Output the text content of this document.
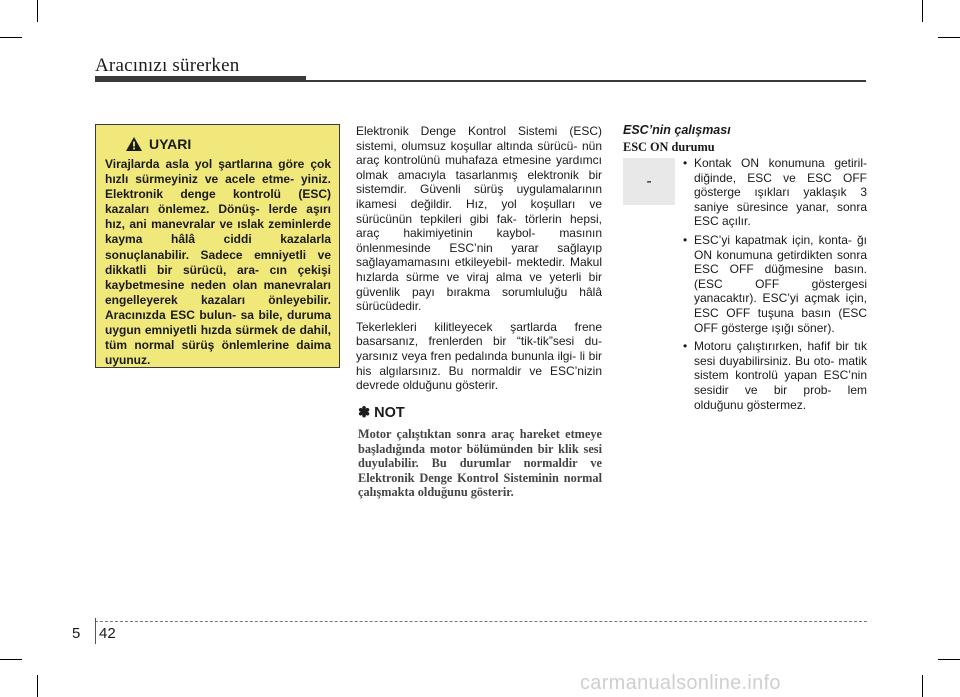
Aracınızı sürerken
UYARI
Virajlarda asla yol şartlarına göre çok hızlı sürmeyiniz ve acele etme- yiniz. Elektronik denge kontrolü (ESC) kazaları önlemez. Dönüş- lerde aşırı hız, ani manevralar ve ıslak zeminlerde kayma hâlâ ciddi kazalarla sonuçlanabilir. Sadece emniyetli ve dikkatli bir sürücü, ara- cın çekişi kaybetmesine neden olan manevraları engelleyerek kazaları önleyebilir. Aracınızda ESC bulun- sa bile, duruma uygun emniyetli hızda sürmek de dahil, tüm normal sürüş önlemlerine daima uyunuz.

Elektronik Denge Kontrol Sistemi (ESC) sistemi, olumsuz koşullar altında sürücü- nün araç kontrolünü muhafaza etmesine yardımcı olmak amacıyla tasarlanmış elektronik bir sistemdir. Güvenli sürüş uygulamalarının ikamesi değildir. Hız, yol koşulları ve sürücünün tepkileri gibi fak- törlerin hepsi, araç hakimiyetinin kaybol- masının önlenmesinde ESC’nin yarar sağlayıp sağlayamamasını etkileyebil- mektedir. Makul hızlarda sürme ve viraj alma ve yeterli bir güvenlik payı bırakma sorumluluğu hâlâ sürücüdedir.

Tekerlekleri kilitleyecek şartlarda frene basarsanız, frenlerden bir “tik-tik”sesi du- yarsınız veya fren pedalında bununla ilgi- li bir his algılarsınız. Bu normaldir ve ESC’nizin devrede olduğunu gösterir.

✽ NOT
Motor çalıştıktan sonra araç hareket etmeye başladığında motor bölümünden bir klik sesi duyulabilir. Bu durumlar normaldir ve Elektronik Denge Kontrol Sisteminin normal çalışmakta olduğunu gösterir.
ESC’nin çalışması
ESC ON durumu
-
• Kontak ON konumuna getiril- diğinde, ESC ve ESC OFF gösterge ışıkları yaklaşık 3 saniye süresince yanar, sonra ESC açılır.
• ESC’yi kapatmak için, konta- ğı ON konumuna getirdikten sonra ESC OFF düğmesine basın. (ESC OFF göstergesi yanacaktır). ESC’yi açmak için, ESC OFF tuşuna basın (ESC OFF gösterge ışığı söner).
• Motoru çalıştırırken, hafif bir tık sesi duyabilirsiniz. Bu oto- matik sistem kontrolü yapan ESC’nin sesidir ve bir prob- lem olduğunu göstermez.
5 42
carmanualsonline.info
